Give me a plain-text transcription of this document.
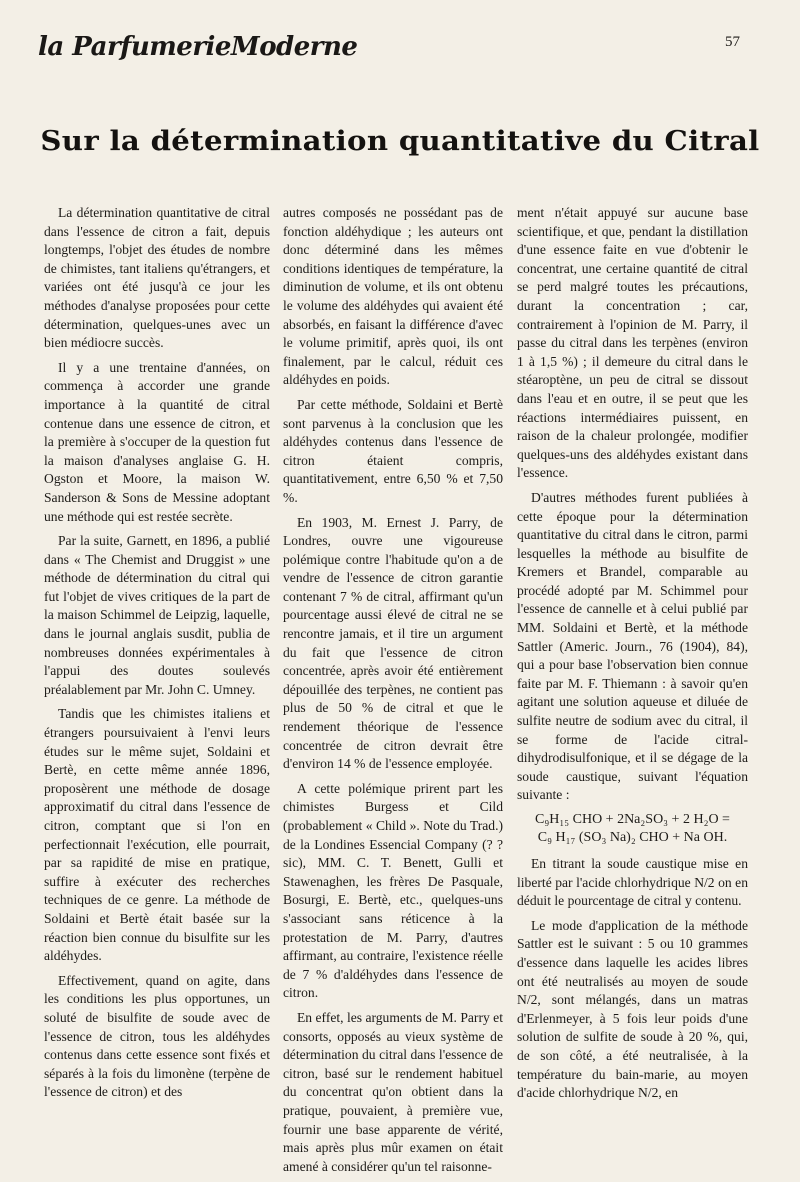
la ParfumerieModerne	57
Sur la détermination quantitative du Citral

La détermination quantitative de citral dans l'essence de citron a fait, depuis longtemps, l'objet des études de nombre de chimistes, tant italiens qu'étrangers, et variées ont été jusqu'à ce jour les méthodes d'analyse proposées pour cette détermination, quelques-unes avec un bien médiocre succès.

Il y a une trentaine d'années, on commença à accorder une grande importance à la quantité de citral contenue dans une essence de citron, et la première à s'occuper de la question fut la maison d'analyses anglaise G. H. Ogston et Moore, la maison W. Sanderson & Sons de Messine adoptant une méthode qui est restée secrète.

Par la suite, Garnett, en 1896, a publié dans « The Chemist and Druggist » une méthode de détermination du citral qui fut l'objet de vives critiques de la part de la maison Schimmel de Leipzig, laquelle, dans le journal anglais susdit, publia de nombreuses données expérimentales à l'appui des doutes soulevés préalablement par Mr. John C. Umney.

Tandis que les chimistes italiens et étrangers poursuivaient à l'envi leurs études sur le même sujet, Soldaini et Bertè, en cette même année 1896, proposèrent une méthode de dosage approximatif du citral dans l'essence de citron, comptant que si l'on en perfectionnait l'exécution, elle pourrait, par sa rapidité de mise en pratique, suffire à exécuter des recherches techniques de ce genre. La méthode de Soldaini et Bertè était basée sur la réaction bien connue du bisulfite sur les aldéhydes.

Effectivement, quand on agite, dans les conditions les plus opportunes, un soluté de bisulfite de soude avec de l'essence de citron, tous les aldéhydes contenus dans cette essence sont fixés et séparés à la fois du limonène (terpène de l'essence de citron) et des

autres composés ne possédant pas de fonction aldéhydique ; les auteurs ont donc déterminé dans les mêmes conditions identiques de température, la diminution de volume, et ils ont obtenu le volume des aldéhydes qui avaient été absorbés, en faisant la différence d'avec le volume primitif, après quoi, ils ont finalement, par le calcul, réduit ces aldéhydes en poids.

Par cette méthode, Soldaini et Bertè sont parvenus à la conclusion que les aldéhydes contenus dans l'essence de citron étaient compris, quantitativement, entre 6,50 % et 7,50 %.

En 1903, M. Ernest J. Parry, de Londres, ouvre une vigoureuse polémique contre l'habitude qu'on a de vendre de l'essence de citron garantie contenant 7 % de citral, affirmant qu'un pourcentage aussi élevé de citral ne se rencontre jamais, et il tire un argument du fait que l'essence de citron concentrée, après avoir été entièrement dépouillée des terpènes, ne contient pas plus de 50 % de citral et que le rendement théorique de l'essence concentrée de citron devrait être d'environ 14 % de l'essence employée.

A cette polémique prirent part les chimistes Burgess et Cild (probablement « Child ». Note du Trad.) de la Londines Essencial Company (? ? sic), MM. C. T. Benett, Gulli et Stawenaghen, les frères De Pasquale, Bosurgi, E. Bertè, etc., quelques-uns s'associant sans réticence à la protestation de M. Parry, d'autres affirmant, au contraire, l'existence réelle de 7 % d'aldéhydes dans l'essence de citron.

En effet, les arguments de M. Parry et consorts, opposés au vieux système de détermination du citral dans l'essence de citron, basé sur le rendement habituel du concentrat qu'on obtient dans la pratique, pouvaient, à première vue, fournir une base apparente de vérité, mais après plus mûr examen on était amené à considérer qu'un tel raisonne-

ment n'était appuyé sur aucune base scientifique, et que, pendant la distillation d'une essence faite en vue d'obtenir le concentrat, une certaine quantité de citral se perd malgré toutes les précautions, durant la concentration ; car, contrairement à l'opinion de M. Parry, il passe du citral dans les terpènes (environ 1 à 1,5 %) ; il demeure du citral dans le stéaroptène, un peu de citral se dissout dans l'eau et en outre, il se peut que les réactions intermédiaires puissent, en raison de la chaleur prolongée, modifier quelques-uns des aldéhydes existant dans l'essence.

D'autres méthodes furent publiées à cette époque pour la détermination quantitative du citral dans le citron, parmi lesquelles la méthode au bisulfite de Kremers et Brandel, comparable au procédé adopté par M. Schimmel pour l'essence de cannelle et à celui publié par MM. Soldaini et Bertè, et la méthode Sattler (Americ. Journ., 76 (1904), 84), qui a pour base l'observation bien connue faite par M. F. Thiemann : à savoir qu'en agitant une solution aqueuse et diluée de sulfite neutre de sodium avec du citral, il se forme de l'acide citral-dihydrodisulfonique, et il se dégage de la soude caustique, suivant l'équation suivante :

C₉H₁₅ CHO + 2Na₂SO₃ + 2 H₂O =
C₉ H₁₇ (SO₃ Na)₂ CHO + Na OH.

En titrant la soude caustique mise en liberté par l'acide chlorhydrique N/2 on en déduit le pourcentage de citral y contenu.

Le mode d'application de la méthode Sattler est le suivant : 5 ou 10 grammes d'essence dans laquelle les acides libres ont été neutralisés au moyen de soude N/2, sont mélangés, dans un matras d'Erlenmeyer, à 5 fois leur poids d'une solution de sulfite de soude à 20 %, qui, de son côté, a été neutralisée, à la température du bain-marie, au moyen d'acide chlorhydrique N/2, en
